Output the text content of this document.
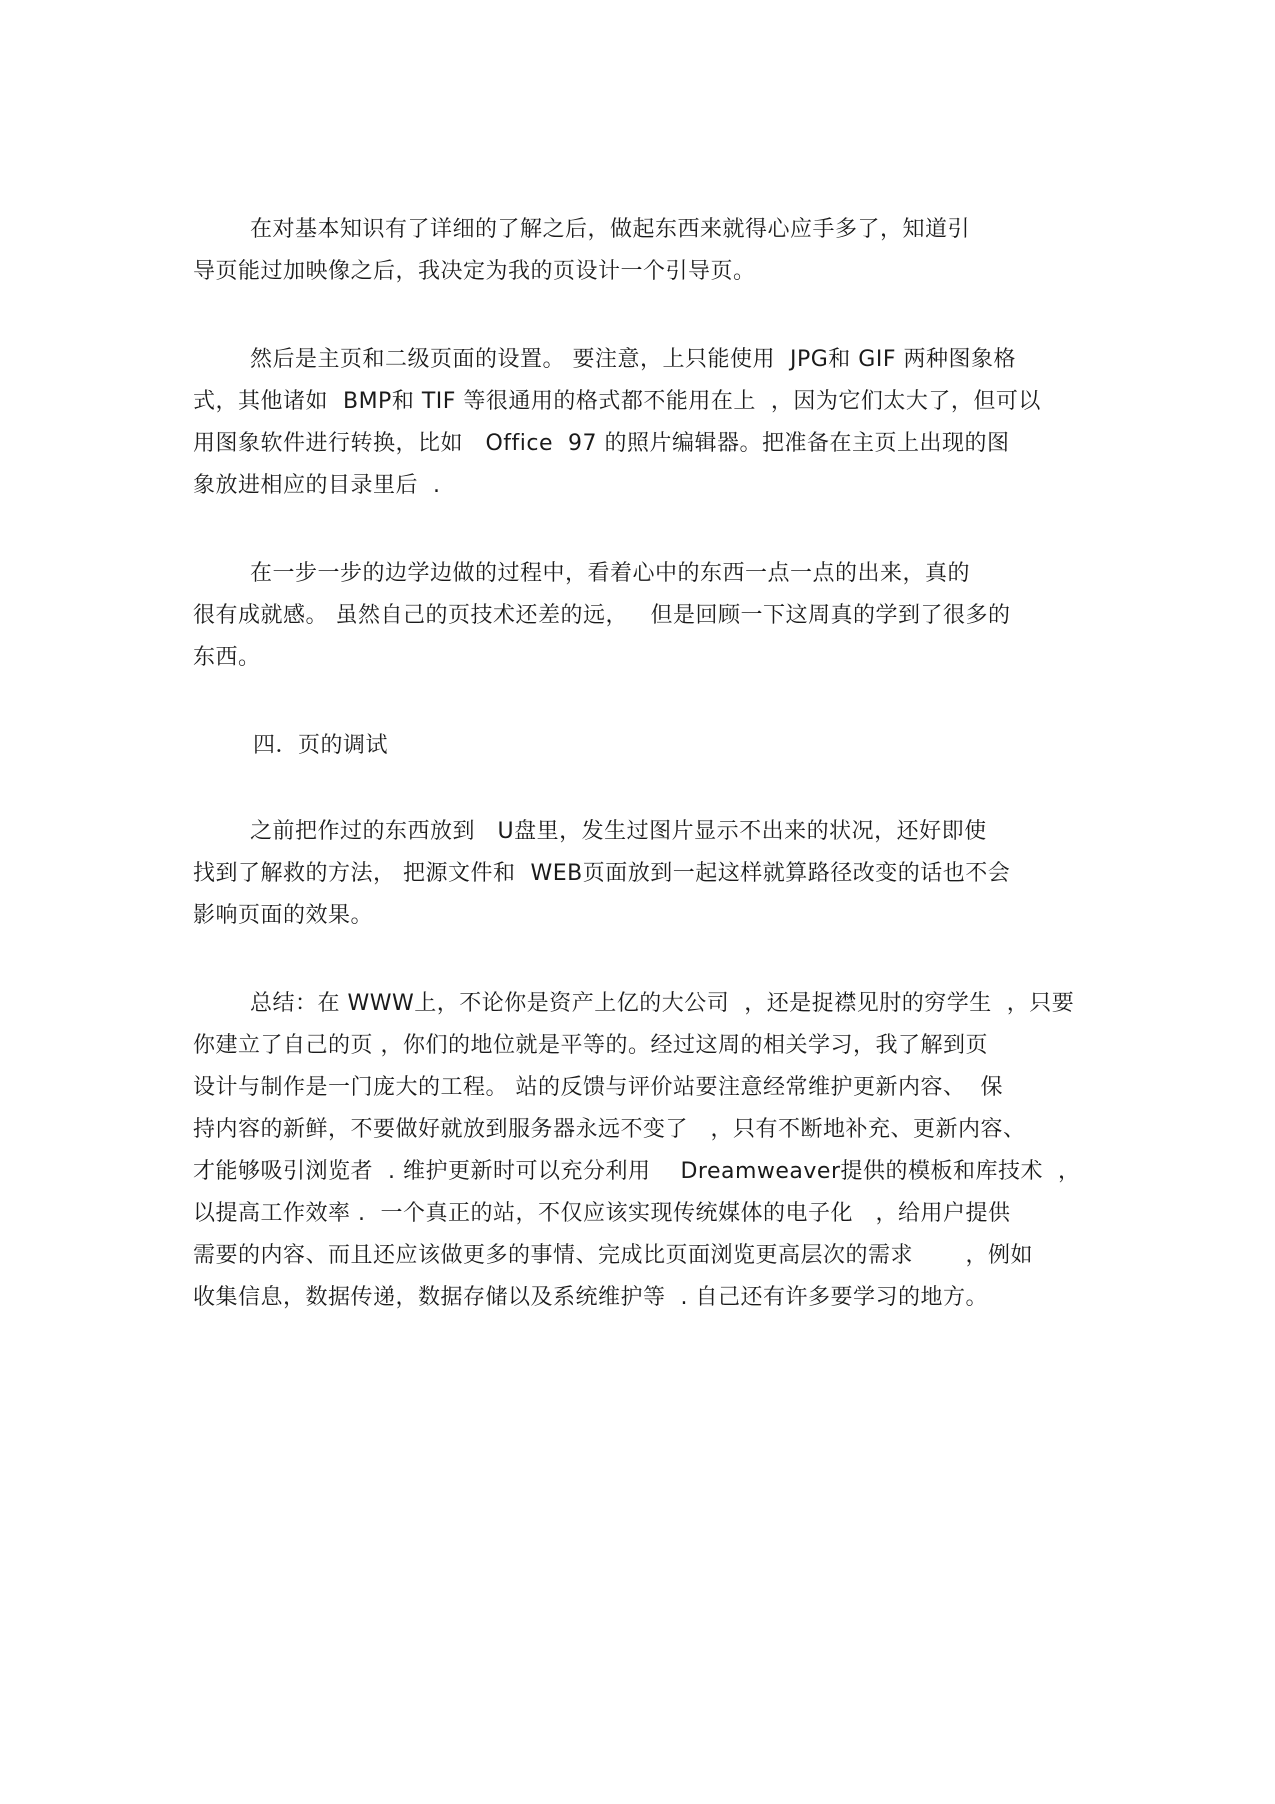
在对基本知识有了详细的了解之后，做起东西来就得心应手多了，知道引
导页能过加映像之后，我决定为我的页设计一个引导页。
然后是主页和二级页面的设置。 要注意，上只能使用  JPG和 GIF 两种图象格
式，其他诸如  BMP和 TIF 等很通用的格式都不能用在上  ，因为它们太大了，但可以
用图象软件进行转换，比如   Office  97 的照片编辑器。把准备在主页上出现的图
象放进相应的目录里后  .
在一步一步的边学边做的过程中，看着心中的东西一点一点的出来，真的
很有成就感。 虽然自己的页技术还差的远，   但是回顾一下这周真的学到了很多的
东西。
四．页的调试
之前把作过的东西放到   U盘里，发生过图片显示不出来的状况，还好即使
找到了解救的方法， 把源文件和  WEB页面放到一起这样就算路径改变的话也不会
影响页面的效果。
总结：在 WWW上，不论你是资产上亿的大公司  ，还是捉襟见肘的穷学生  ，只要
你建立了自己的页 ，你们的地位就是平等的。经过这周的相关学习，我了解到页
设计与制作是一门庞大的工程。 站的反馈与评价站要注意经常维护更新内容、  保
持内容的新鲜，不要做好就放到服务器永远不变了   ，只有不断地补充、更新内容、
才能够吸引浏览者  . 维护更新时可以充分利用    Dreamweaver提供的模板和库技术  ，
以提高工作效率 .  一个真正的站，不仅应该实现传统媒体的电子化   ，给用户提供
需要的内容、而且还应该做更多的事情、完成比页面浏览更高层次的需求       ，例如
收集信息，数据传递，数据存储以及系统维护等  . 自己还有许多要学习的地方。
